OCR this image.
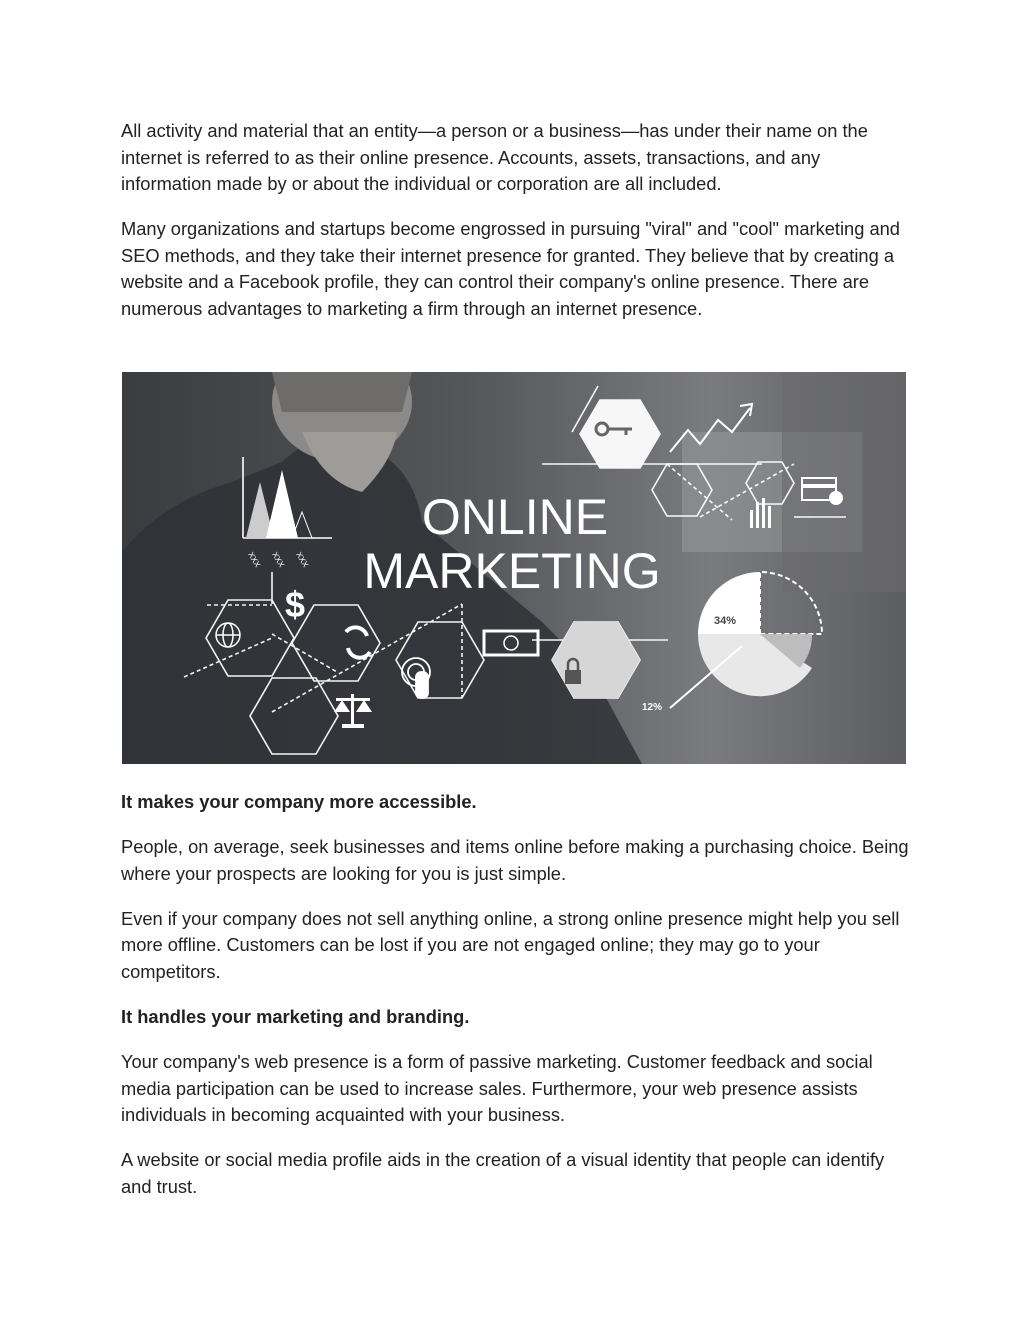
All activity and material that an entity—a person or a business—has under their name on the internet is referred to as their online presence. Accounts, assets, transactions, and any information made by or about the individual or corporation are all included.

Many organizations and startups become engrossed in pursuing "viral" and "cool" marketing and SEO methods, and they take their internet presence for granted. They believe that by creating a website and a Facebook profile, they can control their company's online presence. There are numerous advantages to marketing a firm through an internet presence.

XXX XXX XXX
ONLINE
MARKETING
$	34%
12%

It makes your company more accessible.

People, on average, seek businesses and items online before making a purchasing choice. Being where your prospects are looking for you is just simple.

Even if your company does not sell anything online, a strong online presence might help you sell more offline. Customers can be lost if you are not engaged online; they may go to your competitors.

It handles your marketing and branding.

Your company's web presence is a form of passive marketing. Customer feedback and social media participation can be used to increase sales. Furthermore, your web presence assists individuals in becoming acquainted with your business.

A website or social media profile aids in the creation of a visual identity that people can identify and trust.
